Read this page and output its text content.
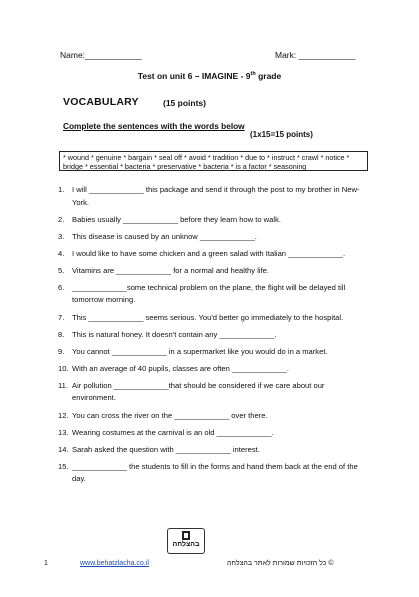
Name:____________	Mark: ____________
Test on unit 6 – IMAGINE - 9th grade
VOCABULARY	(15 points)
Complete the sentences with the words below
(1x15=15 points)
* wound * genuine * bargain * seal off * avoid * tradition * due to * instruct * crawl * notice * bridge * essential * bacteria * preservative * bacteria * is a factor * seasoning
1. I will _____________ this package and send it through the post to my brother in New-York.
2. Babies usually _____________ before they learn how to walk.
3. This disease is caused by an unknow _____________.
4. I would like to have some chicken and a green salad with Italian _____________.
5. Vitamins are _____________ for a normal and healthy life.
6. _____________some technical problem on the plane, the flight will be delayed till tomorrow morning.
7. This _____________ seems serious. You'd better go immediately to the hospital.
8. This is natural honey. It doesn't contain any _____________.
9. You cannot _____________ in a supermarket like you would do in a market.
10. With an average of 40 pupils, classes are often _____________.
11. Air pollution _____________that should be considered if we care about our environment.
12. You can cross the river on the _____________ over there.
13. Wearing costumes at the carnival is an old _____________.
14. Sarah asked the question with _____________ interest.
15. _____________ the students to fill in the forms and hand them back at the end of the day.
בהצלחה
1	www.behatzlacha.co.il	כל הזכויות שמורות לאתר בהצלחה ©
